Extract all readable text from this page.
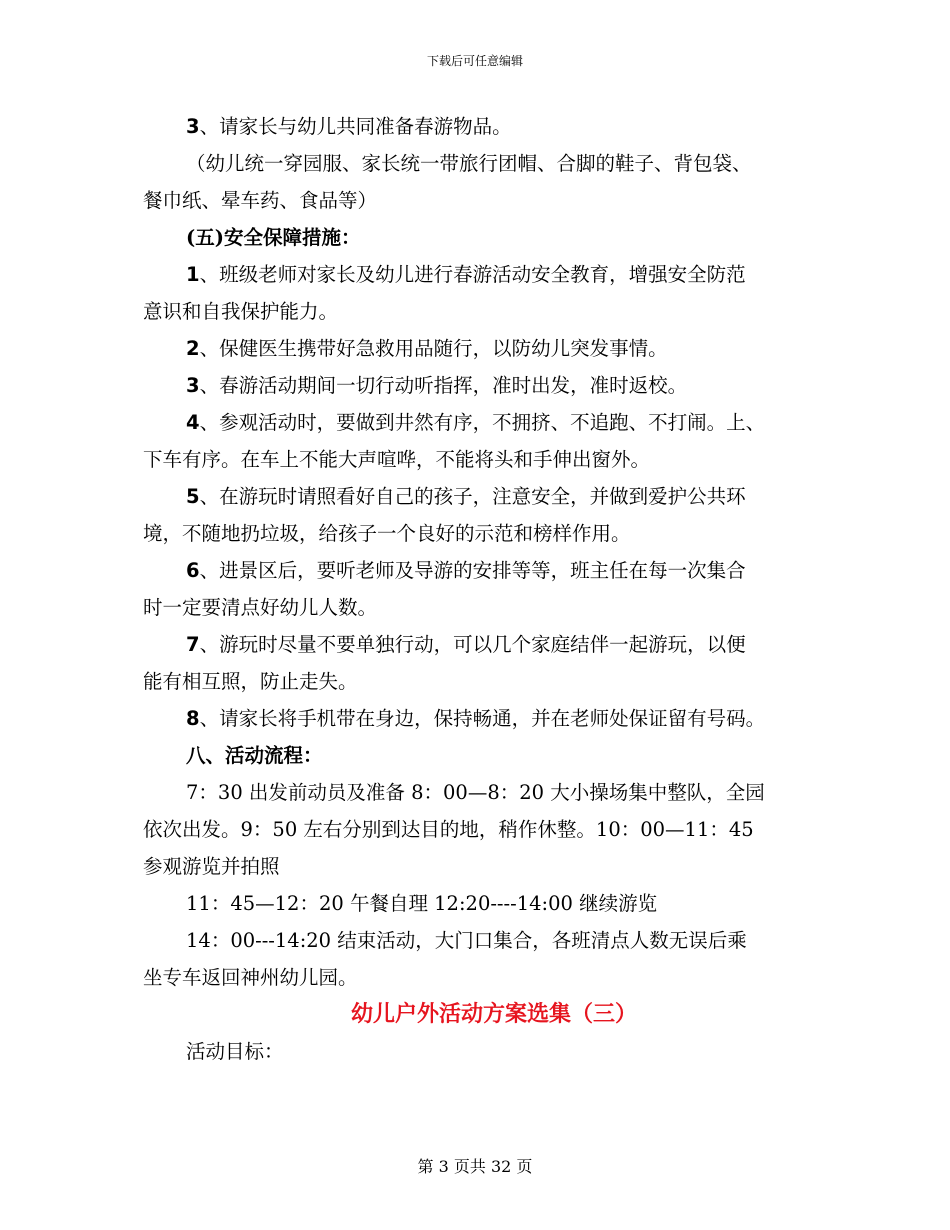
下载后可任意编辑
3、请家长与幼儿共同准备春游物品。
（幼儿统一穿园服、家长统一带旅行团帽、合脚的鞋子、背包袋、
餐巾纸、晕车药、食品等）
(五)安全保障措施：
1、班级老师对家长及幼儿进行春游活动安全教育，增强安全防范
意识和自我保护能力。
2、保健医生携带好急救用品随行，以防幼儿突发事情。
3、春游活动期间一切行动听指挥，准时出发，准时返校。
4、参观活动时，要做到井然有序，不拥挤、不追跑、不打闹。上、
下车有序。在车上不能大声喧哗，不能将头和手伸出窗外。
5、在游玩时请照看好自己的孩子，注意安全，并做到爱护公共环
境，不随地扔垃圾，给孩子一个良好的示范和榜样作用。
6、进景区后，要听老师及导游的安排等等，班主任在每一次集合
时一定要清点好幼儿人数。
7、游玩时尽量不要单独行动，可以几个家庭结伴一起游玩，以便
能有相互照，防止走失。
8、请家长将手机带在身边，保持畅通，并在老师处保证留有号码。
八、活动流程：
7：30 出发前动员及准备 8：00—8：20 大小操场集中整队，全园
依次出发。9：50 左右分别到达目的地，稍作休整。10：00—11：45
参观游览并拍照
11：45—12：20 午餐自理 12:20----14:00 继续游览
14：00---14:20 结束活动，大门口集合，各班清点人数无误后乘
坐专车返回神州幼儿园。
幼儿户外活动方案选集（三）
活动目标：
第 3 页共 32 页
